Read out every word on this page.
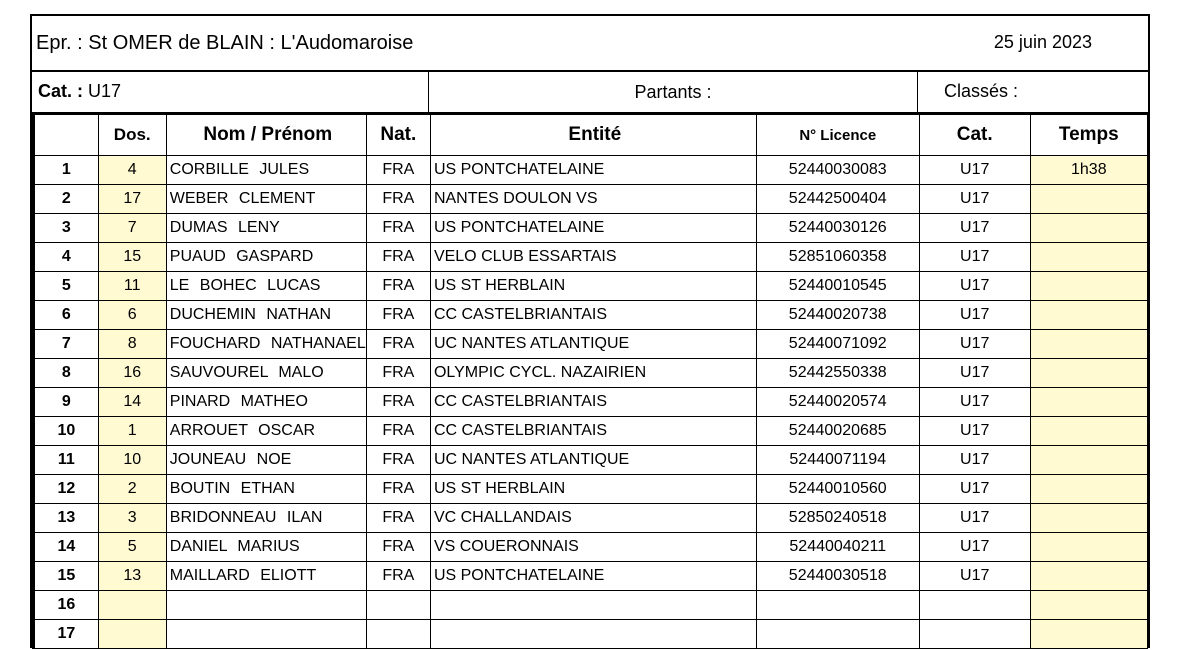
Epr. : St OMER de BLAIN : L'Audomaroise	25 juin 2023
Cat. : U17	Partants :	Classés :
	Dos.	Nom / Prénom	Nat.	Entité	N° Licence	Cat.	Temps
1	4	CORBILLE JULES	FRA	US PONTCHATELAINE	52440030083	U17	1h38
2	17	WEBER CLEMENT	FRA	NANTES DOULON VS	52442500404	U17	
3	7	DUMAS LENY	FRA	US PONTCHATELAINE	52440030126	U17	
4	15	PUAUD GASPARD	FRA	VELO CLUB ESSARTAIS	52851060358	U17	
5	11	LE BOHEC LUCAS	FRA	US ST HERBLAIN	52440010545	U17	
6	6	DUCHEMIN NATHAN	FRA	CC CASTELBRIANTAIS	52440020738	U17	
7	8	FOUCHARD NATHANAEL	FRA	UC NANTES ATLANTIQUE	52440071092	U17	
8	16	SAUVOUREL MALO	FRA	OLYMPIC CYCL. NAZAIRIEN	52442550338	U17	
9	14	PINARD MATHEO	FRA	CC CASTELBRIANTAIS	52440020574	U17	
10	1	ARROUET OSCAR	FRA	CC CASTELBRIANTAIS	52440020685	U17	
11	10	JOUNEAU NOE	FRA	UC NANTES ATLANTIQUE	52440071194	U17	
12	2	BOUTIN ETHAN	FRA	US ST HERBLAIN	52440010560	U17	
13	3	BRIDONNEAU ILAN	FRA	VC CHALLANDAIS	52850240518	U17	
14	5	DANIEL MARIUS	FRA	VS COUERONNAIS	52440040211	U17	
15	13	MAILLARD ELIOTT	FRA	US PONTCHATELAINE	52440030518	U17	
16							
17							
